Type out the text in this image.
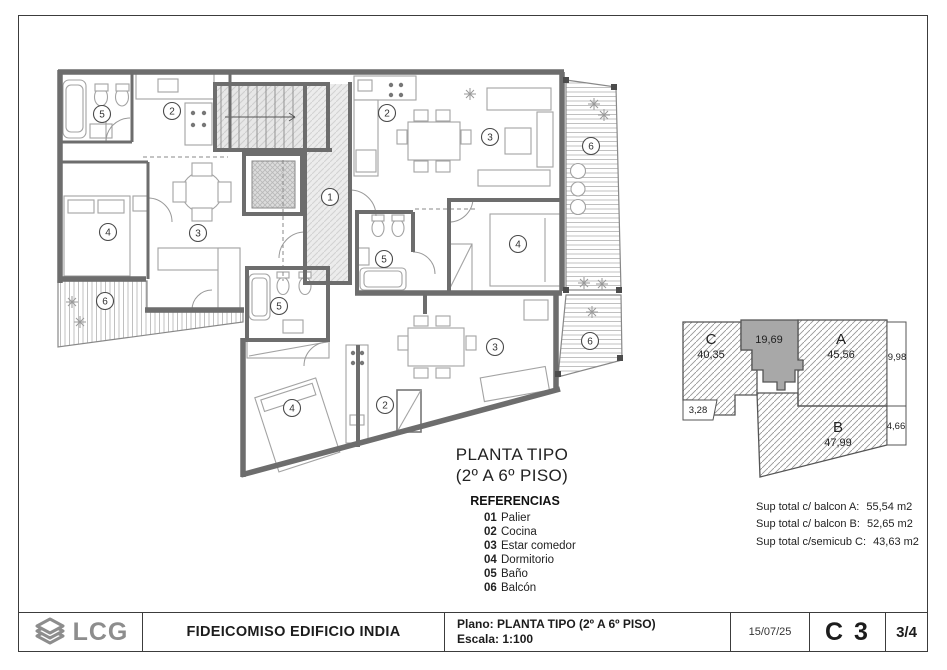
5	2
4	3
6
1
2
3
6
4
5
5
4	2
3
6	C
40,35
A
45,56
B
47,99
19,69
9,98
3,28
4,66
PLANTA TIPO
(2º A 6º PISO)
REFERENCIAS
01 Palier
02 Cocina
03 Estar comedor
04 Dormitorio
05 Baño
06 Balcón
Sup total c/ balcon A: 55,54 m2
Sup total c/ balcon B: 52,65 m2
Sup total c/semicub C: 43,63 m2
LCG	FIDEICOMISO EDIFICIO INDIA	Plano: PLANTA TIPO (2º A 6º PISO)
Escala: 1:100	15/07/25	C 3	3/4
